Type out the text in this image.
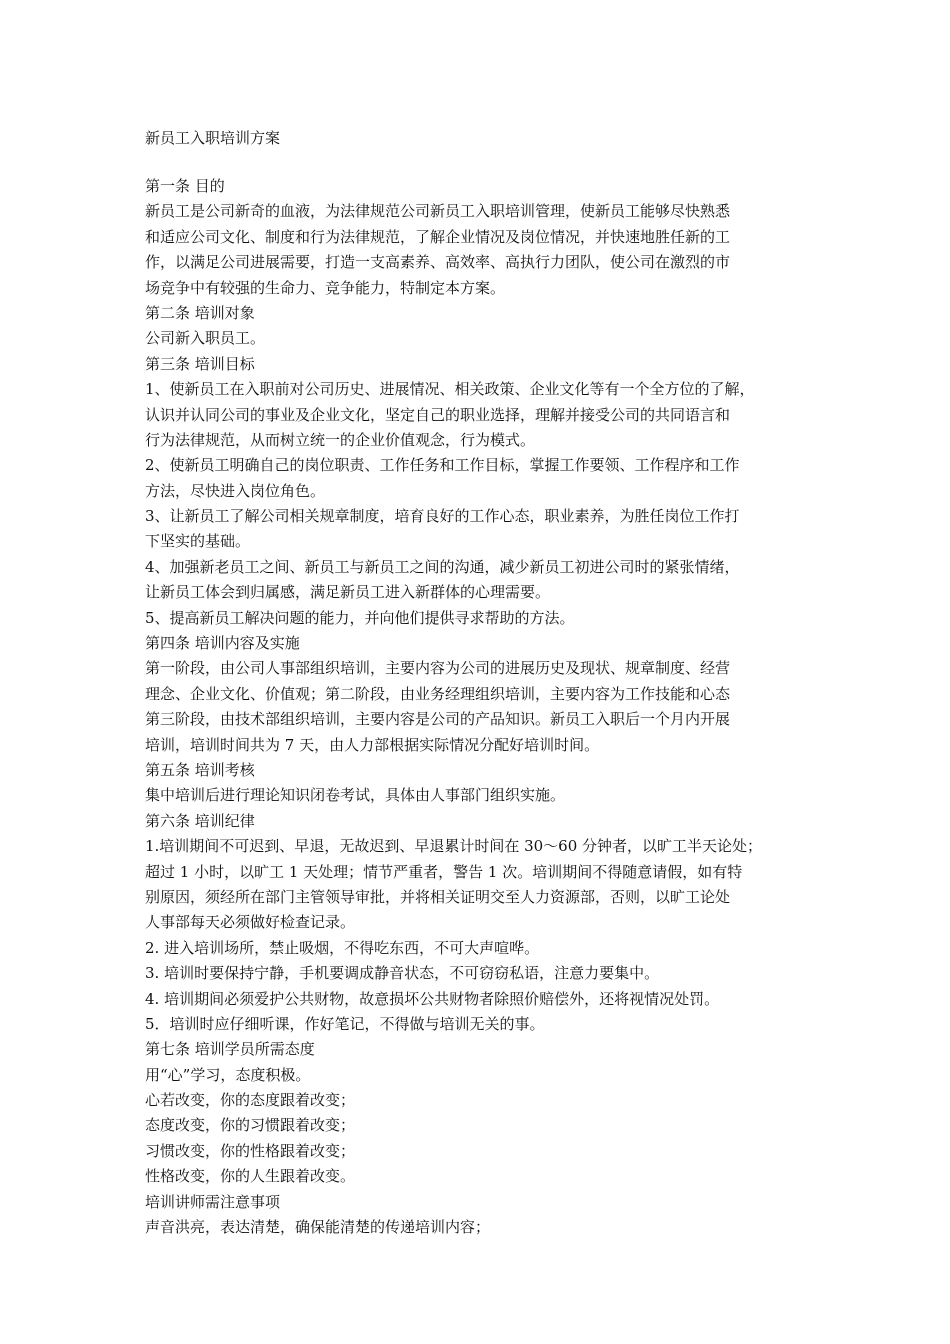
新员工入职培训方案
第一条 目的
新员工是公司新奇的血液，为法律规范公司新员工入职培训管理，使新员工能够尽快熟悉
和适应公司文化、制度和行为法律规范，了解企业情况及岗位情况，并快速地胜任新的工
作，以满足公司进展需要，打造一支高素养、高效率、高执行力团队，使公司在激烈的市
场竞争中有较强的生命力、竞争能力，特制定本方案。
第二条 培训对象
公司新入职员工。
第三条 培训目标
1、使新员工在入职前对公司历史、进展情况、相关政策、企业文化等有一个全方位的了解，
认识并认同公司的事业及企业文化，坚定自己的职业选择，理解并接受公司的共同语言和
行为法律规范，从而树立统一的企业价值观念，行为模式。
2、使新员工明确自己的岗位职责、工作任务和工作目标，掌握工作要领、工作程序和工作
方法，尽快进入岗位角色。
3、让新员工了解公司相关规章制度，培育良好的工作心态，职业素养，为胜任岗位工作打
下坚实的基础。
4、加强新老员工之间、新员工与新员工之间的沟通，减少新员工初进公司时的紧张情绪，
让新员工体会到归属感，满足新员工进入新群体的心理需要。
5、提高新员工解决问题的能力，并向他们提供寻求帮助的方法。
第四条 培训内容及实施
第一阶段，由公司人事部组织培训，主要内容为公司的进展历史及现状、规章制度、经营
理念、企业文化、价值观；第二阶段，由业务经理组织培训，主要内容为工作技能和心态
第三阶段，由技术部组织培训，主要内容是公司的产品知识。新员工入职后一个月内开展
培训，培训时间共为 7 天，由人力部根据实际情况分配好培训时间。
第五条 培训考核
集中培训后进行理论知识闭卷考试，具体由人事部门组织实施。
第六条 培训纪律
1.培训期间不可迟到、早退，无故迟到、早退累计时间在 30～60 分钟者，以旷工半天论处；
超过 1 小时，以旷工 1 天处理；情节严重者，警告 1 次。培训期间不得随意请假，如有特
别原因，须经所在部门主管领导审批，并将相关证明交至人力资源部，否则，以旷工论处
人事部每天必须做好检查记录。
2. 进入培训场所，禁止吸烟，不得吃东西，不可大声喧哗。
3. 培训时要保持宁静，手机要调成静音状态，不可窃窃私语，注意力要集中。
4. 培训期间必须爱护公共财物，故意损坏公共财物者除照价赔偿外，还将视情况处罚。
5．培训时应仔细听课，作好笔记，不得做与培训无关的事。
第七条 培训学员所需态度
用“心”学习，态度积极。
心若改变，你的态度跟着改变；
态度改变，你的习惯跟着改变；
习惯改变，你的性格跟着改变；
性格改变，你的人生跟着改变。
培训讲师需注意事项
声音洪亮，表达清楚，确保能清楚的传递培训内容；
